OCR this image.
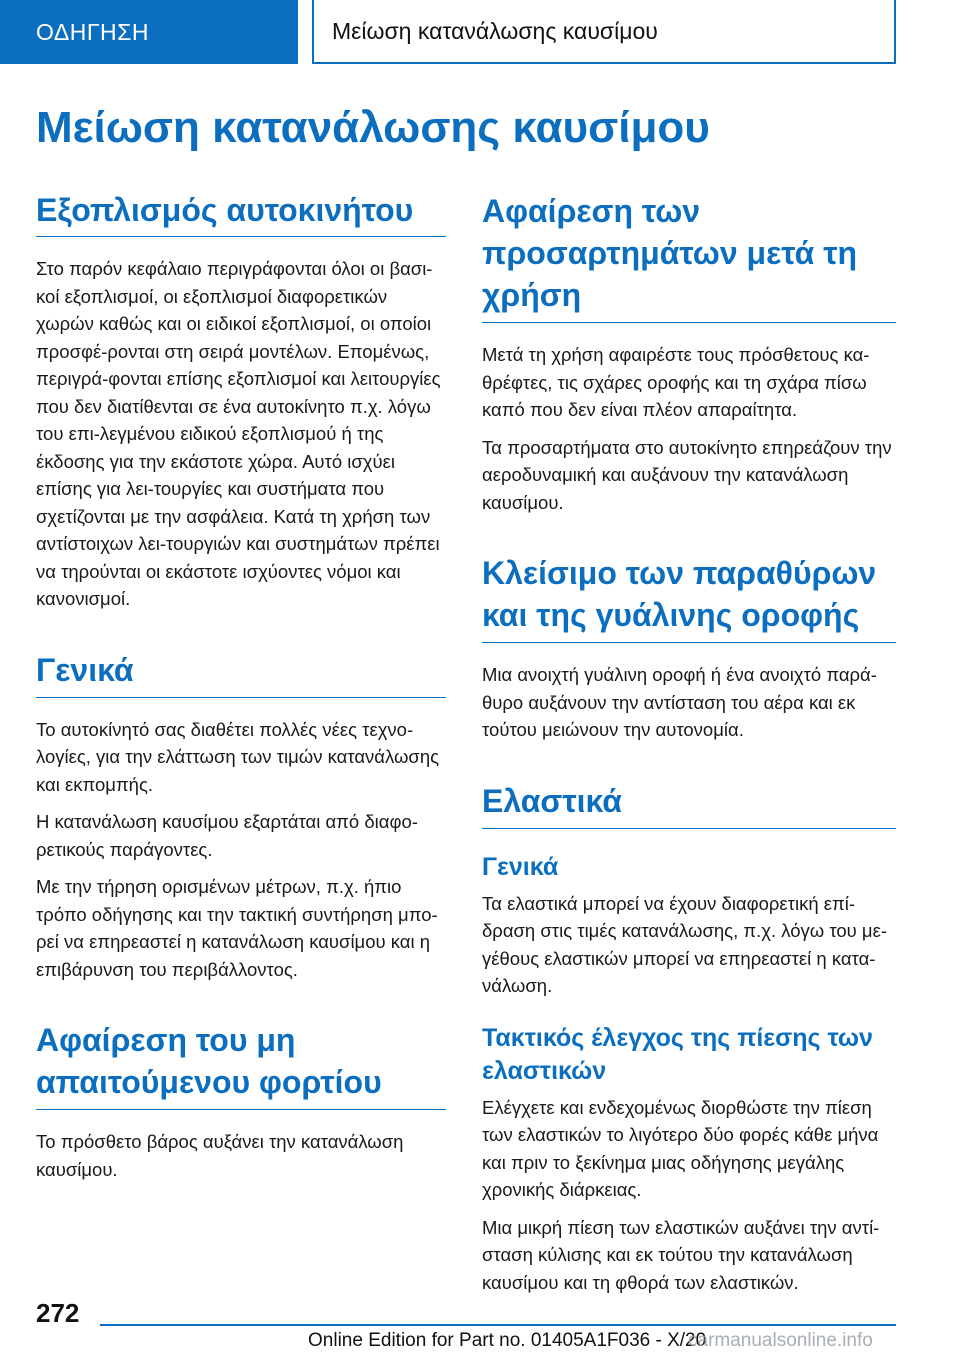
ΟΔΗΓΗΣΗ	Μείωση κατανάλωσης καυσίμου
Μείωση κατανάλωσης καυσίμου
Εξοπλισμός αυτοκινήτου

Στο παρόν κεφάλαιο περιγράφονται όλοι οι βασι-κοί εξοπλισμοί, οι εξοπλισμοί διαφορετικών χωρών καθώς και οι ειδικοί εξοπλισμοί, οι οποίοι προσφέ-ρονται στη σειρά μοντέλων. Επομένως, περιγρά-φονται επίσης εξοπλισμοί και λειτουργίες που δεν διατίθενται σε ένα αυτοκίνητο π.χ. λόγω του επι-λεγμένου ειδικού εξοπλισμού ή της έκδοσης για την εκάστοτε χώρα. Αυτό ισχύει επίσης για λει-τουργίες και συστήματα που σχετίζονται με την ασφάλεια. Κατά τη χρήση των αντίστοιχων λει-τουργιών και συστημάτων πρέπει να τηρούνται οι εκάστοτε ισχύοντες νόμοι και κανονισμοί.

Γενικά

Το αυτοκίνητό σας διαθέτει πολλές νέες τεχνο-λογίες, για την ελάττωση των τιμών κατανάλωσης και εκπομπής.

Η κατανάλωση καυσίμου εξαρτάται από διαφο-ρετικούς παράγοντες.

Με την τήρηση ορισμένων μέτρων, π.χ. ήπιο τρόπο οδήγησης και την τακτική συντήρηση μπο-ρεί να επηρεαστεί η κατανάλωση καυσίμου και η επιβάρυνση του περιβάλλοντος.

Αφαίρεση του μη απαιτούμενου φορτίου

Το πρόσθετο βάρος αυξάνει την κατανάλωση καυσίμου.

Αφαίρεση των προσαρτημάτων μετά τη χρήση

Μετά τη χρήση αφαιρέστε τους πρόσθετους κα-θρέφτες, τις σχάρες οροφής και τη σχάρα πίσω καπό που δεν είναι πλέον απαραίτητα.

Τα προσαρτήματα στο αυτοκίνητο επηρεάζουν την αεροδυναμική και αυξάνουν την κατανάλωση καυσίμου.

Κλείσιμο των παραθύρων και της γυάλινης οροφής

Μια ανοιχτή γυάλινη οροφή ή ένα ανοιχτό παρά-θυρο αυξάνουν την αντίσταση του αέρα και εκ τούτου μειώνουν την αυτονομία.

Ελαστικά
Γενικά

Τα ελαστικά μπορεί να έχουν διαφορετική επί-δραση στις τιμές κατανάλωσης, π.χ. λόγω του με-γέθους ελαστικών μπορεί να επηρεαστεί η κατα-νάλωση.

Τακτικός έλεγχος της πίεσης των ελαστικών

Ελέγχετε και ενδεχομένως διορθώστε την πίεση των ελαστικών το λιγότερο δύο φορές κάθε μήνα και πριν το ξεκίνημα μιας οδήγησης μεγάλης χρονικής διάρκειας.

Μια μικρή πίεση των ελαστικών αυξάνει την αντί-σταση κύλισης και εκ τούτου την κατανάλωση καυσίμου και τη φθορά των ελαστικών.

272
Online Edition for Part no. 01405A1F036 - X/20
carmanualsonline.info
